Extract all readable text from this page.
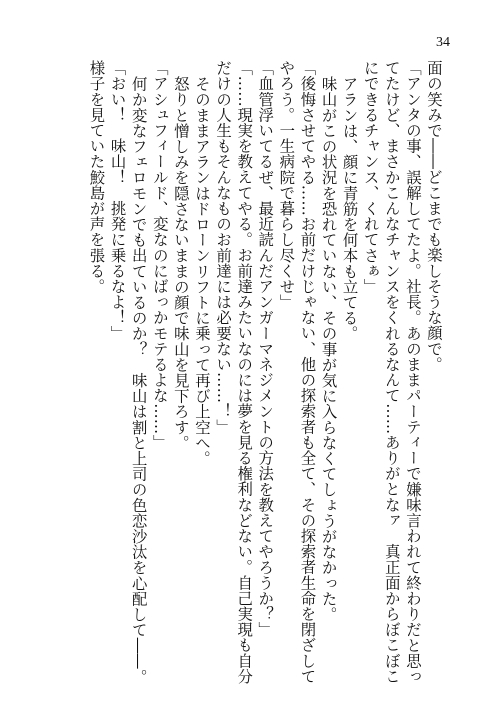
34
面の笑みで――どこまでも楽しそうな顔で。
「アンタの事、誤解してたよ。社長。あのままパーティーで嫌味言われて終わりだと思っ
てたけど、まさかこんなチャンスをくれるなんて……ありがとなァ　真正面からぼこぼこ
にできるチャンス、くれてさぁ」
アランは、顔に青筋を何本も立てる。
味山がこの状況を恐れていない、その事が気に入らなくてしょうがなかった。
「後悔させてやる……お前だけじゃない、他の探索者も全て、その探索者生命を閉ざして
やろう。一生病院で暮らし尽くせ」
「血管浮いてるぜ、最近読んだアンガーマネジメントの方法を教えてやろうか？」
「……現実を教えてやる。お前達みたいなのには夢を見る権利などない。自己実現も自分
だけの人生もそんなものお前達には必要ない……！」
そのままアランはドローンリフトに乗って再び上空へ。
怒りと憎しみを隠さないままの顔で味山を見下ろす。
「アシュフィールド、変なのにばっかモテるよな……」
何か変なフェロモンでも出ているのか？　味山は割と上司の色恋沙汰を心配して――。
「おい！　味山！　挑発に乗るなよ！」
様子を見ていた鮫島が声を張る。
